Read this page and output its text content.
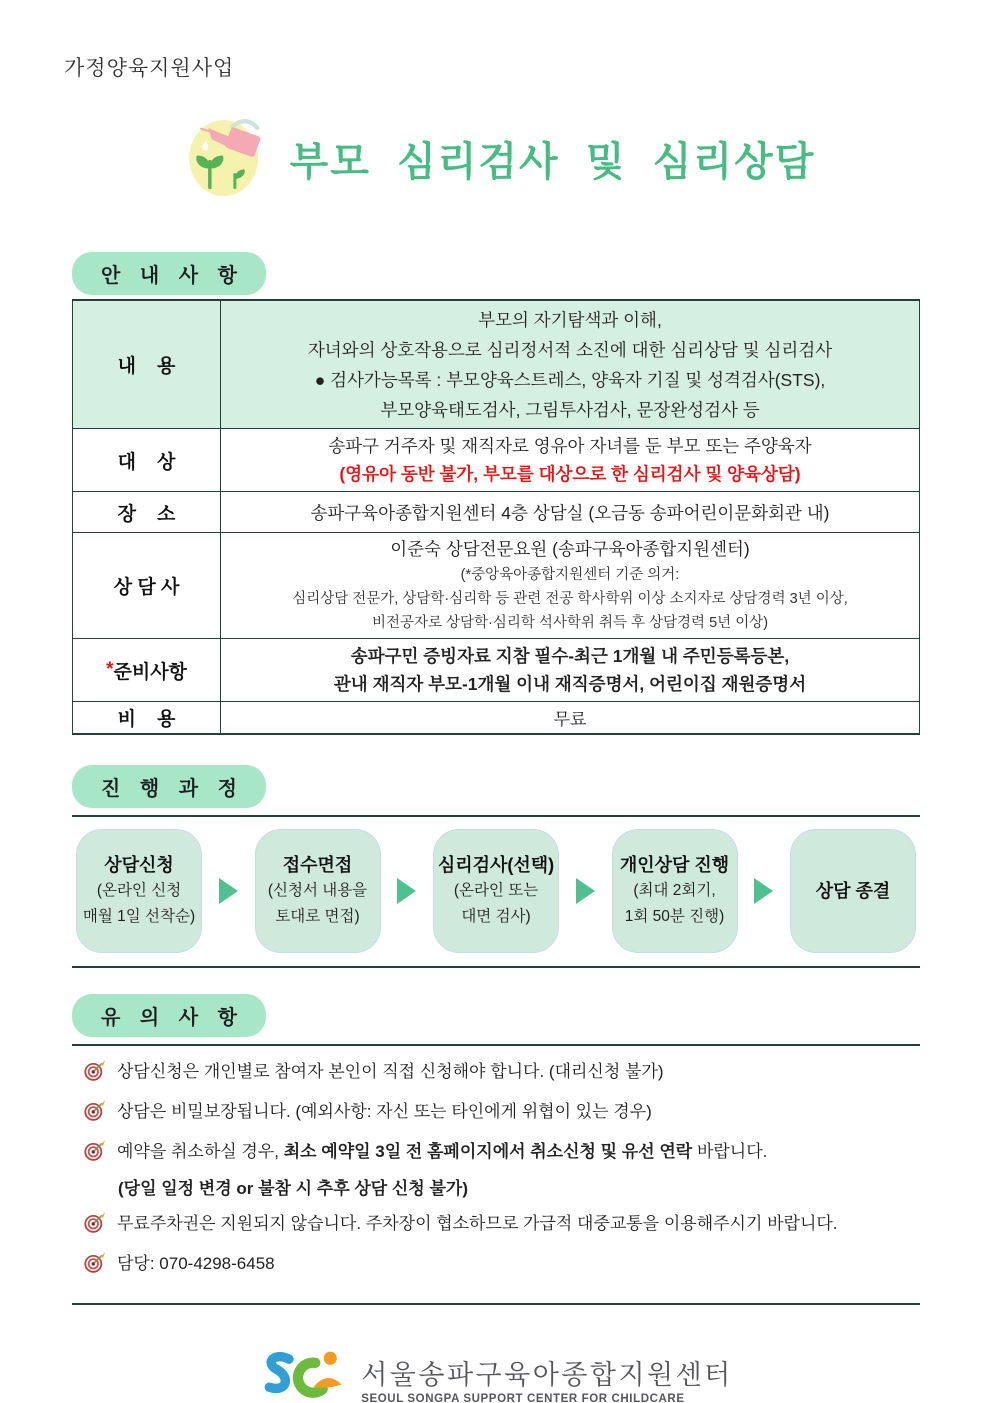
가정양육지원사업
부모  심리검사  및  심리상담
안 내 사 항
내    용
부모의 자기탐색과 이해,
자녀와의 상호작용으로 심리정서적 소진에 대한 심리상담 및 심리검사
● 검사가능목록 : 부모양육스트레스, 양육자 기질 및 성격검사(STS),
부모양육태도검사, 그림투사검사, 문장완성검사 등
대    상
송파구 거주자 및 재직자로 영유아 자녀를 둔 부모 또는 주양육자
(영유아 동반 불가, 부모를 대상으로 한 심리검사 및 양육상담)
장    소	송파구육아종합지원센터 4층 상담실 (오금동 송파어린이문화회관 내)
상 담 사
이준숙 상담전문요원 (송파구육아종합지원센터)
(*중앙육아종합지원센터 기준 의거:
심리상담 전문가, 상담학·심리학 등 관련 전공 학사학위 이상 소지자로 상담경력 3년 이상,
비전공자로 상담학·심리학 석사학위 취득 후 상담경력 5년 이상)
* 준비사항
송파구민 증빙자료 지참 필수-최근 1개월 내 주민등록등본,
관내 재직자 부모-1개월 이내 재직증명서, 어린이집 재원증명서
비    용	무료
진 행 과 정
상담신청
(온라인 신청
매월 1일 선착순)
접수면접
(신청서 내용을
토대로 면접)
심리검사(선택)
(온라인 또는
대면 검사)
개인상담 진행
(최대 2회기,
1회 50분 진행)
상담 종결
유 의 사 항
상담신청은 개인별로 참여자 본인이 직접 신청해야 합니다. (대리신청 불가)
상담은 비밀보장됩니다. (예외사항: 자신 또는 타인에게 위협이 있는 경우)
예약을 취소하실 경우, 최소 예약일 3일 전 홈페이지에서 취소신청 및 유선 연락 바랍니다.
(당일 일정 변경 or 불참 시 추후 상담 신청 불가)
무료주차권은 지원되지 않습니다. 주차장이 협소하므로 가급적 대중교통을 이용해주시기 바랍니다.
담당: 070-4298-6458
서울송파구육아종합지원센터
SEOUL SONGPA SUPPORT CENTER FOR CHILDCARE
